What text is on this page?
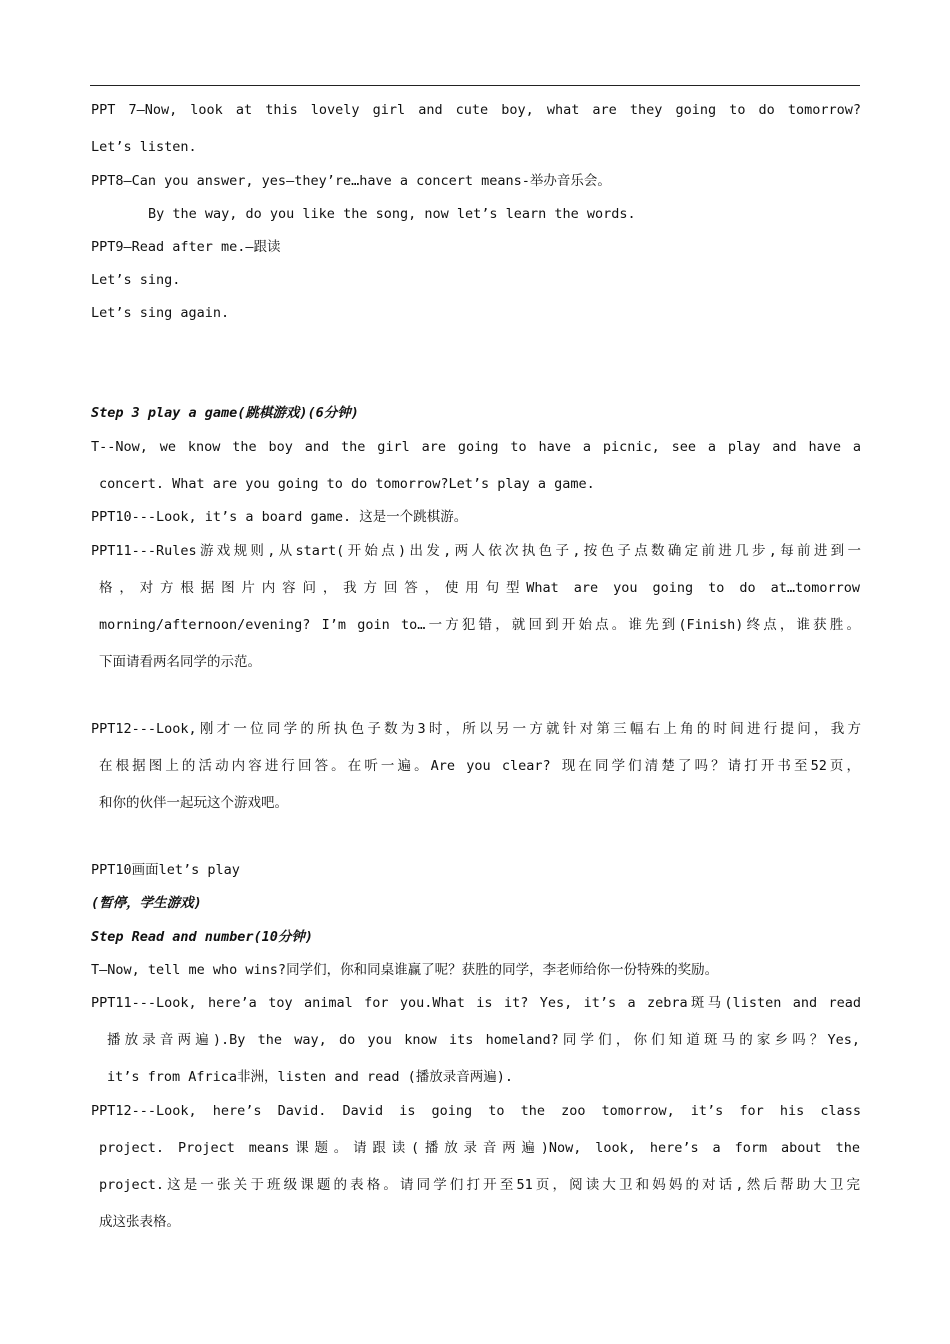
PPT 7—Now, look at this lovely girl and cute boy, what are they going to do tomorrow?
Let’s listen.
PPT8—Can you answer, yes—they’re…have a concert means-举办音乐会。
By the way, do you like the song, now let’s learn the words.
PPT9—Read after me.—跟读
Let’s sing.
Let’s sing again.
Step 3 play a game(跳棋游戏)(6分钟)
T--Now, we know the boy and the girl are going to have a picnic, see a play and have a
concert. What are you going to do tomorrow?Let’s play a game.
PPT10---Look, it’s a board game. 这是一个跳棋游。
PPT11---Rules游戏规则,从start(开始点)出发,两人依次执色子,按色子点数确定前进几步,每前进到一
格，对方根据图片内容问，我方回答，使用句型What are you going to do at…tomorrow
morning/afternoon/evening? I’m goin to…一方犯错，就回到开始点。谁先到(Finish)终点，谁获胜。
下面请看两名同学的示范。
PPT12---Look,刚才一位同学的所执色子数为3时，所以另一方就针对第三幅右上角的时间进行提问，我方
在根据图上的活动内容进行回答。在听一遍。Are you clear? 现在同学们清楚了吗？请打开书至52页，
和你的伙伴一起玩这个游戏吧。
PPT10画面let’s play
(暂停，学生游戏)
Step Read and number(10分钟)
T—Now, tell me who wins?同学们，你和同桌谁赢了呢？获胜的同学，李老师给你一份特殊的奖励。
PPT11---Look, here’a toy animal for you.What is it? Yes, it’s a zebra斑马(listen and read
播放录音两遍).By the way, do you know its homeland?同学们，你们知道斑马的家乡吗？Yes,
it’s from Africa非洲，listen and read (播放录音两遍).
PPT12---Look, here’s David. David is going to the zoo tomorrow, it’s for his class
project. Project means课题。请跟读(播放录音两遍)Now, look, here’s a form about the
project.这是一张关于班级课题的表格。请同学们打开至51页，阅读大卫和妈妈的对话,然后帮助大卫完
成这张表格。
